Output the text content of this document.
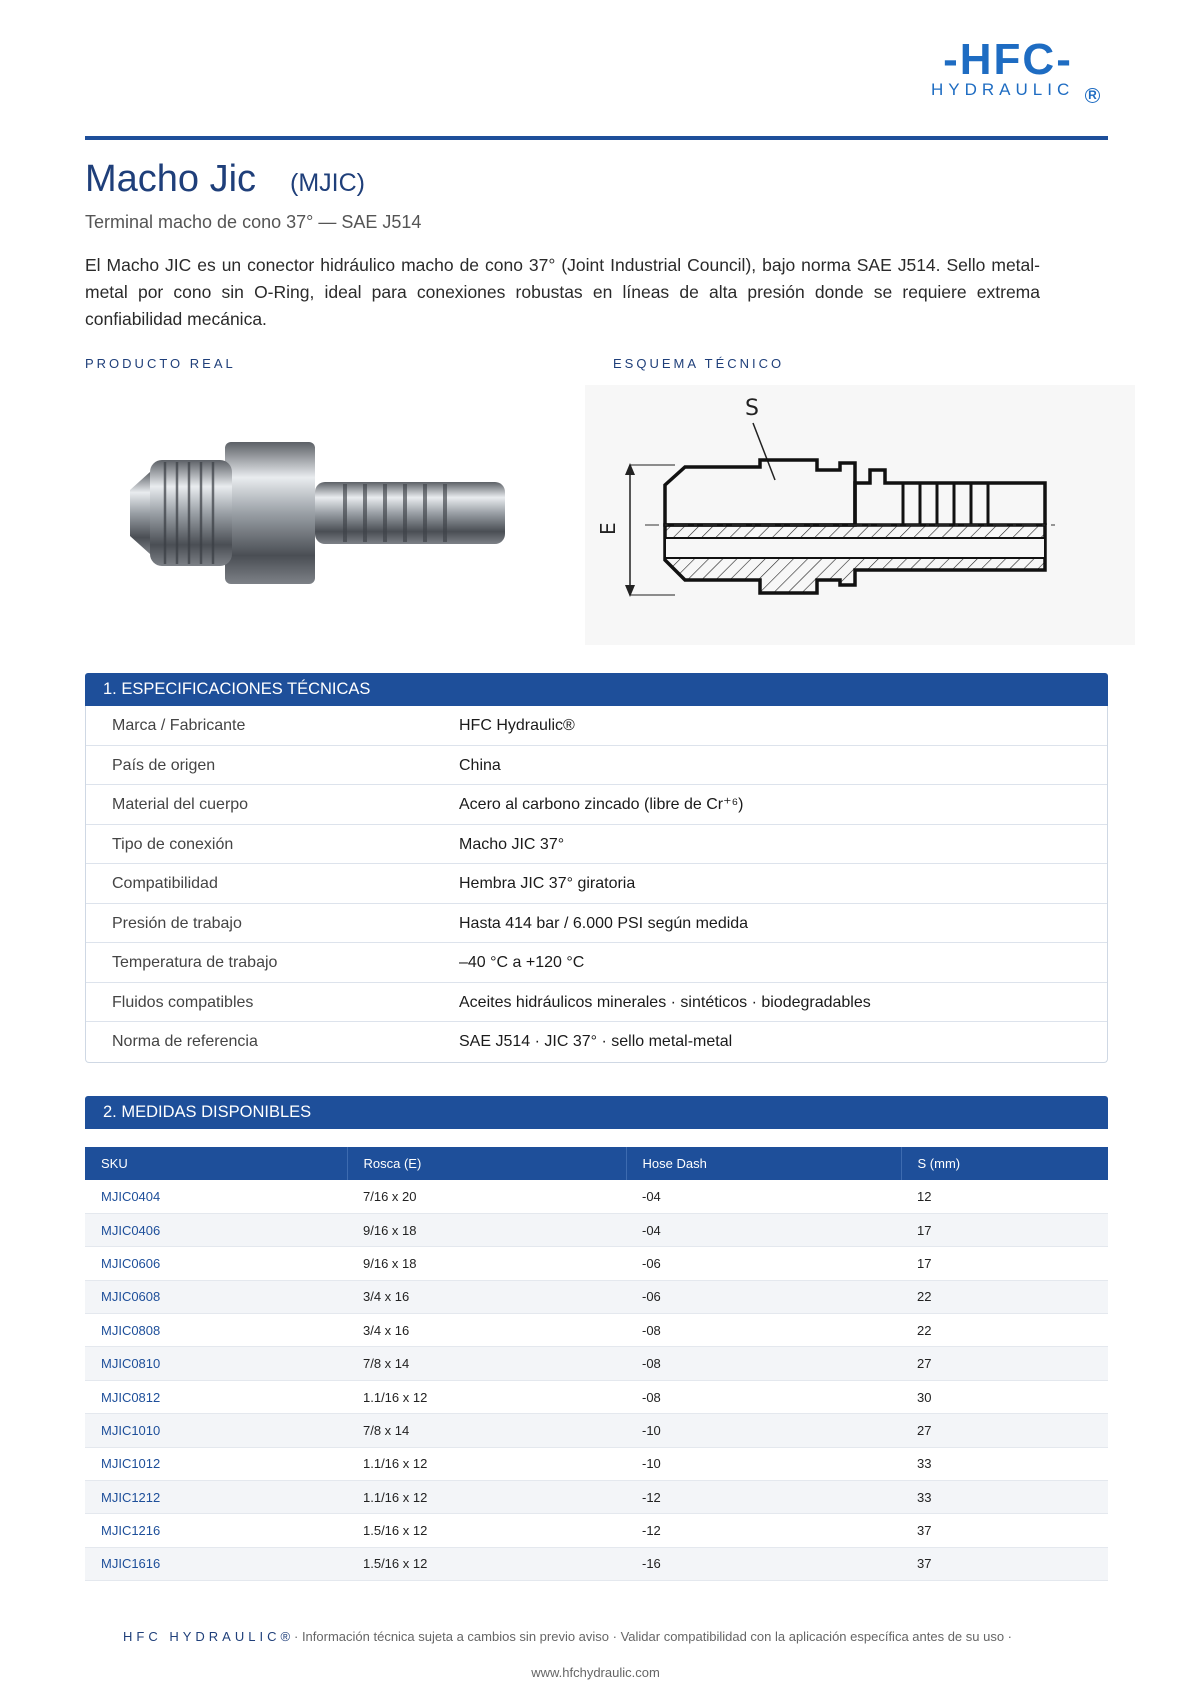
-HFC-
HYDRAULIC R
Macho Jic (MJIC)
Terminal macho de cono 37° — SAE J514

El Macho JIC es un conector hidráulico macho de cono 37° (Joint Industrial Council), bajo norma SAE J514. Sello metal-metal por cono sin O-Ring, ideal para conexiones robustas en líneas de alta presión donde se requiere extrema confiabilidad mecánica.

PRODUCTO REAL	ESQUEMA TÉCNICO
S
E
1. ESPECIFICACIONES TÉCNICAS
Marca / Fabricante	HFC Hydraulic®
País de origen	China
Material del cuerpo	Acero al carbono zincado (libre de Cr⁺⁶)
Tipo de conexión	Macho JIC 37°
Compatibilidad	Hembra JIC 37° giratoria
Presión de trabajo	Hasta 414 bar / 6.000 PSI según medida
Temperatura de trabajo	–40 °C a +120 °C
Fluidos compatibles	Aceites hidráulicos minerales · sintéticos · biodegradables
Norma de referencia	SAE J514 · JIC 37° · sello metal-metal
2. MEDIDAS DISPONIBLES
SKU	Rosca (E)	Hose Dash	S (mm)
MJIC0404	7/16 x 20	-04	12
MJIC0406	9/16 x 18	-04	17
MJIC0606	9/16 x 18	-06	17
MJIC0608	3/4 x 16	-06	22
MJIC0808	3/4 x 16	-08	22
MJIC0810	7/8 x 14	-08	27
MJIC0812	1.1/16 x 12	-08	30
MJIC1010	7/8 x 14	-10	27
MJIC1012	1.1/16 x 12	-10	33
MJIC1212	1.1/16 x 12	-12	33
MJIC1216	1.5/16 x 12	-12	37
MJIC1616	1.5/16 x 12	-16	37
HFC HYDRAULIC® · Información técnica sujeta a cambios sin previo aviso · Validar compatibilidad con la aplicación específica antes de su uso ·
www.hfchydraulic.com
